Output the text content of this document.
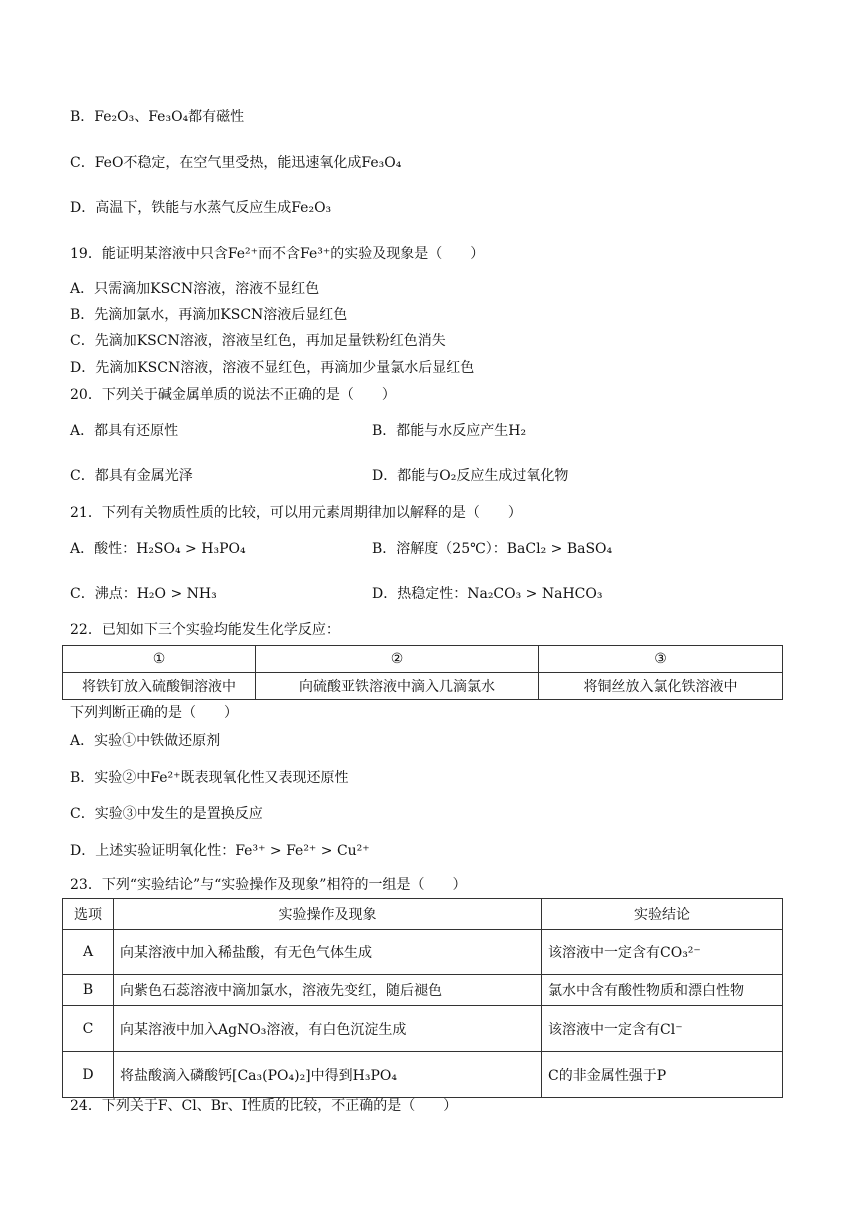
B．Fe₂O₃、Fe₃O₄都有磁性
C．FeO不稳定，在空气里受热，能迅速氧化成Fe₃O₄
D．高温下，铁能与水蒸气反应生成Fe₂O₃
19．能证明某溶液中只含Fe²⁺而不含Fe³⁺的实验及现象是（　　）
A．只需滴加KSCN溶液，溶液不显红色
B．先滴加氯水，再滴加KSCN溶液后显红色
C．先滴加KSCN溶液，溶液呈红色，再加足量铁粉红色消失
D．先滴加KSCN溶液，溶液不显红色，再滴加少量氯水后显红色
20．下列关于碱金属单质的说法不正确的是（　　）
A．都具有还原性	B．都能与水反应产生H₂
C．都具有金属光泽	D．都能与O₂反应生成过氧化物
21．下列有关物质性质的比较，可以用元素周期律加以解释的是（　　）
A．酸性：H₂SO₄ > H₃PO₄	B．溶解度（25℃）：BaCl₂ > BaSO₄
C．沸点：H₂O > NH₃	D．热稳定性：Na₂CO₃ > NaHCO₃
22．已知如下三个实验均能发生化学反应：
①	②	③
将铁钉放入硫酸铜溶液中	向硫酸亚铁溶液中滴入几滴氯水	将铜丝放入氯化铁溶液中
下列判断正确的是（　　）
A．实验①中铁做还原剂
B．实验②中Fe²⁺既表现氧化性又表现还原性
C．实验③中发生的是置换反应
D．上述实验证明氧化性：Fe³⁺ > Fe²⁺ > Cu²⁺
23．下列“实验结论”与“实验操作及现象”相符的一组是（　　）
选项	实验操作及现象	实验结论
A	向某溶液中加入稀盐酸，有无色气体生成	该溶液中一定含有CO₃²⁻
B	向紫色石蕊溶液中滴加氯水，溶液先变红，随后褪色	氯水中含有酸性物质和漂白性物
C	向某溶液中加入AgNO₃溶液，有白色沉淀生成	该溶液中一定含有Cl⁻
D	将盐酸滴入磷酸钙[Ca₃(PO₄)₂]中得到H₃PO₄	C的非金属性强于P
24．下列关于F、Cl、Br、I性质的比较，不正确的是（　　）
